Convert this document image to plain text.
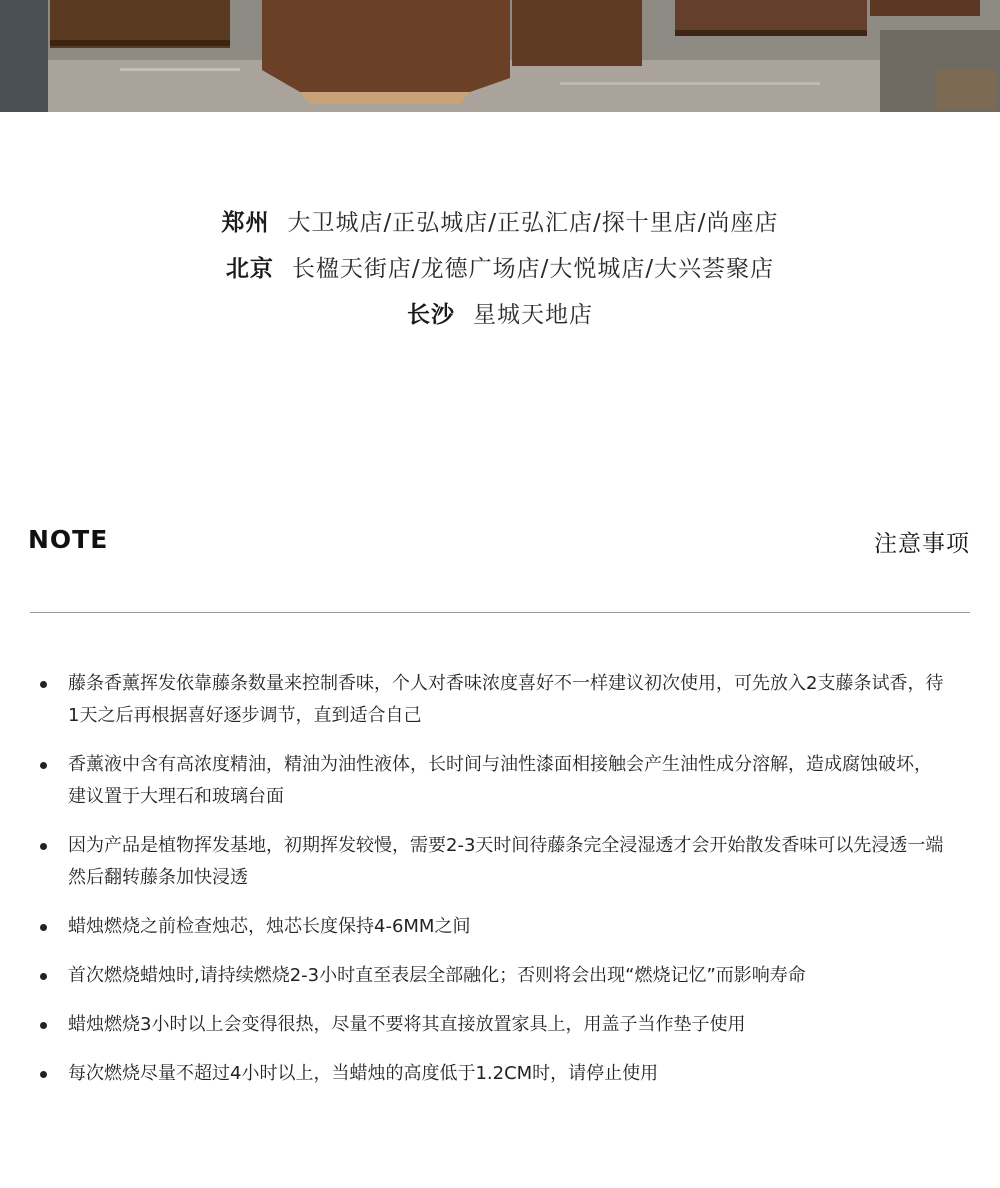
郑州 大卫城店/正弘城店/正弘汇店/探十里店/尚座店
北京 长楹天街店/龙德广场店/大悦城店/大兴荟聚店
长沙 星城天地店
NOTE	注意事项
藤条香薰挥发依靠藤条数量来控制香味，个人对香味浓度喜好不一样建议初次使用，可先放入2支藤条试香，待1天之后再根据喜好逐步调节，直到适合自己
香薰液中含有高浓度精油，精油为油性液体，长时间与油性漆面相接触会产生油性成分溶解，造成腐蚀破坏，建议置于大理石和玻璃台面
因为产品是植物挥发基地，初期挥发较慢，需要2-3天时间待藤条完全浸湿透才会开始散发香味可以先浸透一端然后翻转藤条加快浸透
蜡烛燃烧之前检查烛芯，烛芯长度保持4-6MM之间
首次燃烧蜡烛时,请持续燃烧2-3小时直至表层全部融化；否则将会出现“燃烧记忆”而影响寿命
蜡烛燃烧3小时以上会变得很热，尽量不要将其直接放置家具上，用盖子当作垫子使用
每次燃烧尽量不超过4小时以上，当蜡烛的高度低于1.2CM时，请停止使用
